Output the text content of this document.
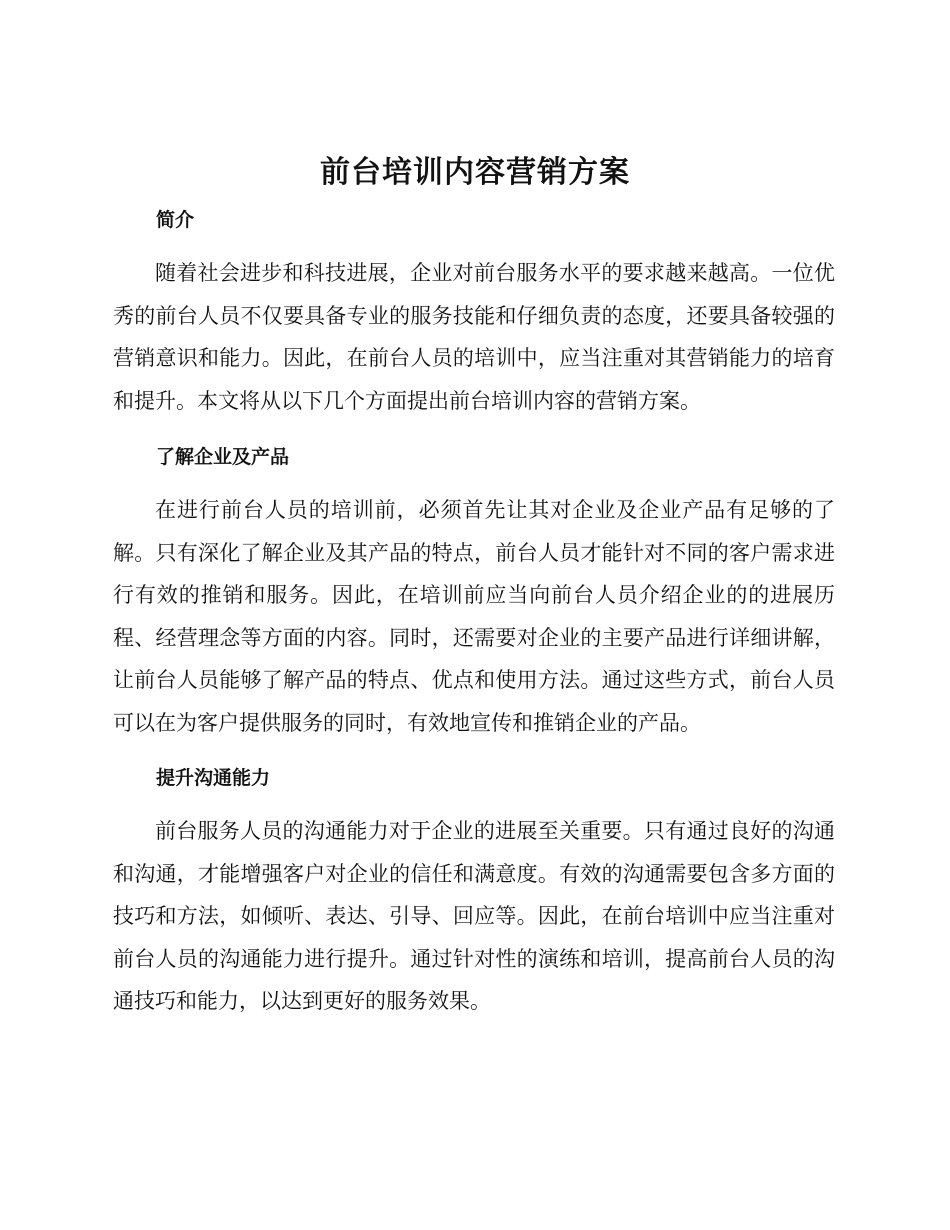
前台培训内容营销方案
简介

随着社会进步和科技进展，企业对前台服务水平的要求越来越高。一位优秀的前台人员不仅要具备专业的服务技能和仔细负责的态度，还要具备较强的营销意识和能力。因此，在前台人员的培训中，应当注重对其营销能力的培育和提升。本文将从以下几个方面提出前台培训内容的营销方案。

了解企业及产品

在进行前台人员的培训前，必须首先让其对企业及企业产品有足够的了解。只有深化了解企业及其产品的特点，前台人员才能针对不同的客户需求进行有效的推销和服务。因此，在培训前应当向前台人员介绍企业的的进展历程、经营理念等方面的内容。同时，还需要对企业的主要产品进行详细讲解，让前台人员能够了解产品的特点、优点和使用方法。通过这些方式，前台人员可以在为客户提供服务的同时，有效地宣传和推销企业的产品。

提升沟通能力

前台服务人员的沟通能力对于企业的进展至关重要。只有通过良好的沟通和沟通，才能增强客户对企业的信任和满意度。有效的沟通需要包含多方面的技巧和方法，如倾听、表达、引导、回应等。因此，在前台培训中应当注重对前台人员的沟通能力进行提升。通过针对性的演练和培训，提高前台人员的沟通技巧和能力，以达到更好的服务效果。
